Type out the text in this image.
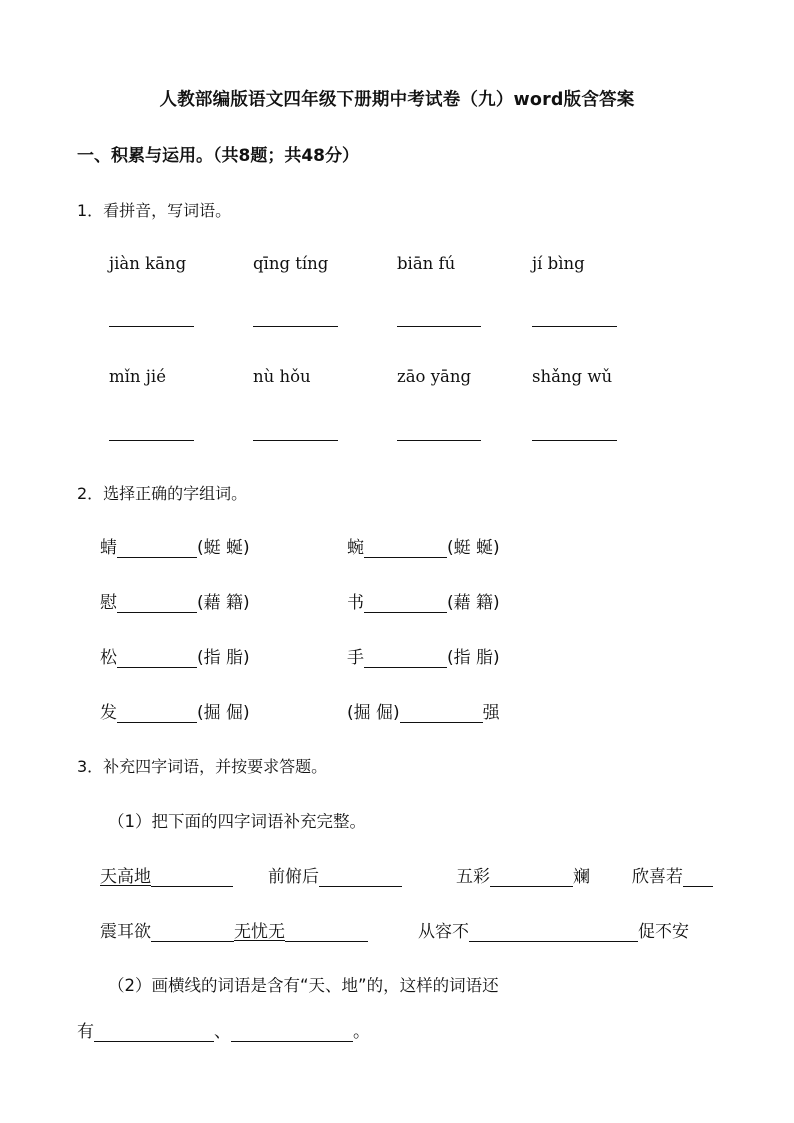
人教部编版语文四年级下册期中考试卷（九）word版含答案
一、积累与运用。（共8题；共48分）
1．看拼音，写词语。
jiàn kāng	qīng tíng	biān fú	jí bìng
mǐn jié	nù hǒu	zāo yāng	shǎng wǔ
2．选择正确的字组词。
蜻	(蜓 蜒)	蜿	(蜓 蜒)
慰	(藉 籍)	书	(藉 籍)
松	(指 脂)	手	(指 脂)
发	(掘 倔)	(掘 倔)	强
3．补充四字词语，并按要求答题。
（1）把下面的四字词语补充完整。
天高地	前俯后	五彩	斓 欣喜若
震耳欲	无忧无	从容不	促不安
（2）画横线的词语是含有“天、地”的，这样的词语还
有	、	。
